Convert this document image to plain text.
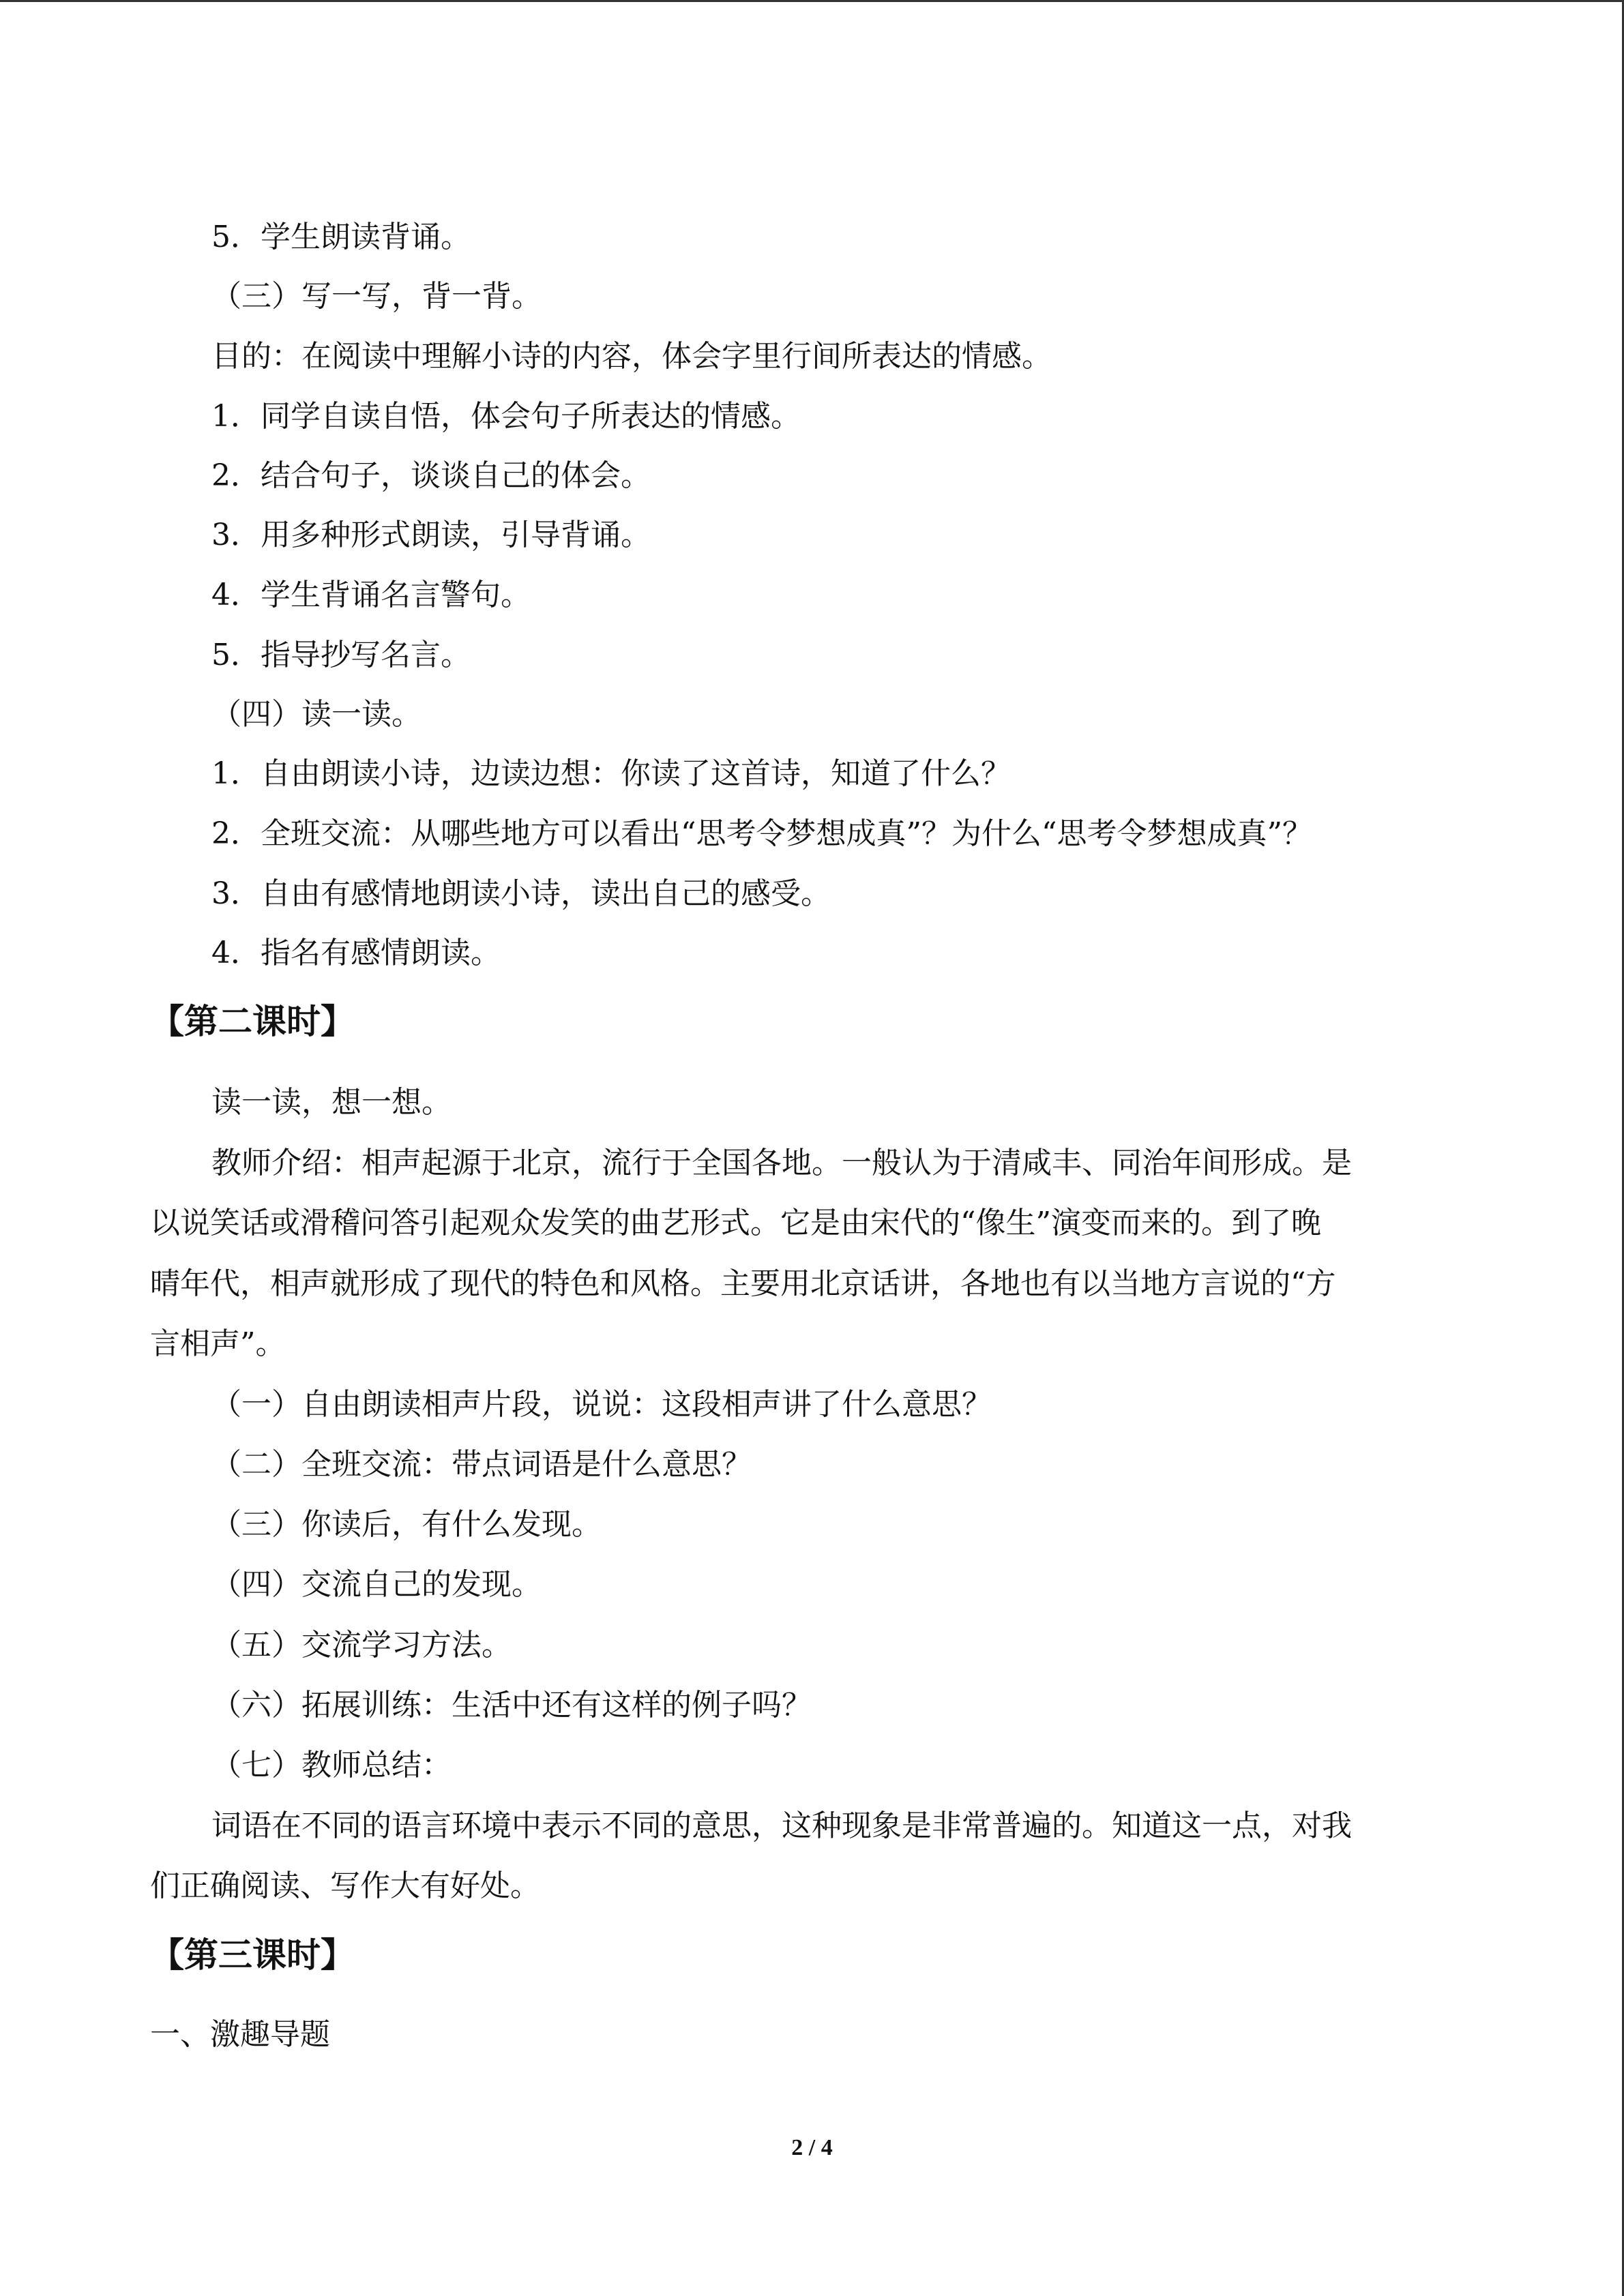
5．学生朗读背诵。
（三）写一写，背一背。
目的：在阅读中理解小诗的内容，体会字里行间所表达的情感。
1．同学自读自悟，体会句子所表达的情感。
2．结合句子，谈谈自己的体会。
3．用多种形式朗读，引导背诵。
4．学生背诵名言警句。
5．指导抄写名言。
（四）读一读。
1．自由朗读小诗，边读边想：你读了这首诗，知道了什么？
2．全班交流：从哪些地方可以看出“思考令梦想成真”？为什么“思考令梦想成真”？
3．自由有感情地朗读小诗，读出自己的感受。
4．指名有感情朗读。
【第二课时】
读一读，想一想。
教师介绍：相声起源于北京，流行于全国各地。一般认为于清咸丰、同治年间形成。是
以说笑话或滑稽问答引起观众发笑的曲艺形式。它是由宋代的“像生”演变而来的。到了晚
晴年代，相声就形成了现代的特色和风格。主要用北京话讲，各地也有以当地方言说的“方
言相声”。
（一）自由朗读相声片段，说说：这段相声讲了什么意思？
（二）全班交流：带点词语是什么意思？
（三）你读后，有什么发现。
（四）交流自己的发现。
（五）交流学习方法。
（六）拓展训练：生活中还有这样的例子吗？
（七）教师总结：
词语在不同的语言环境中表示不同的意思，这种现象是非常普遍的。知道这一点，对我
们正确阅读、写作大有好处。
【第三课时】
一、激趣导题
2 / 4
